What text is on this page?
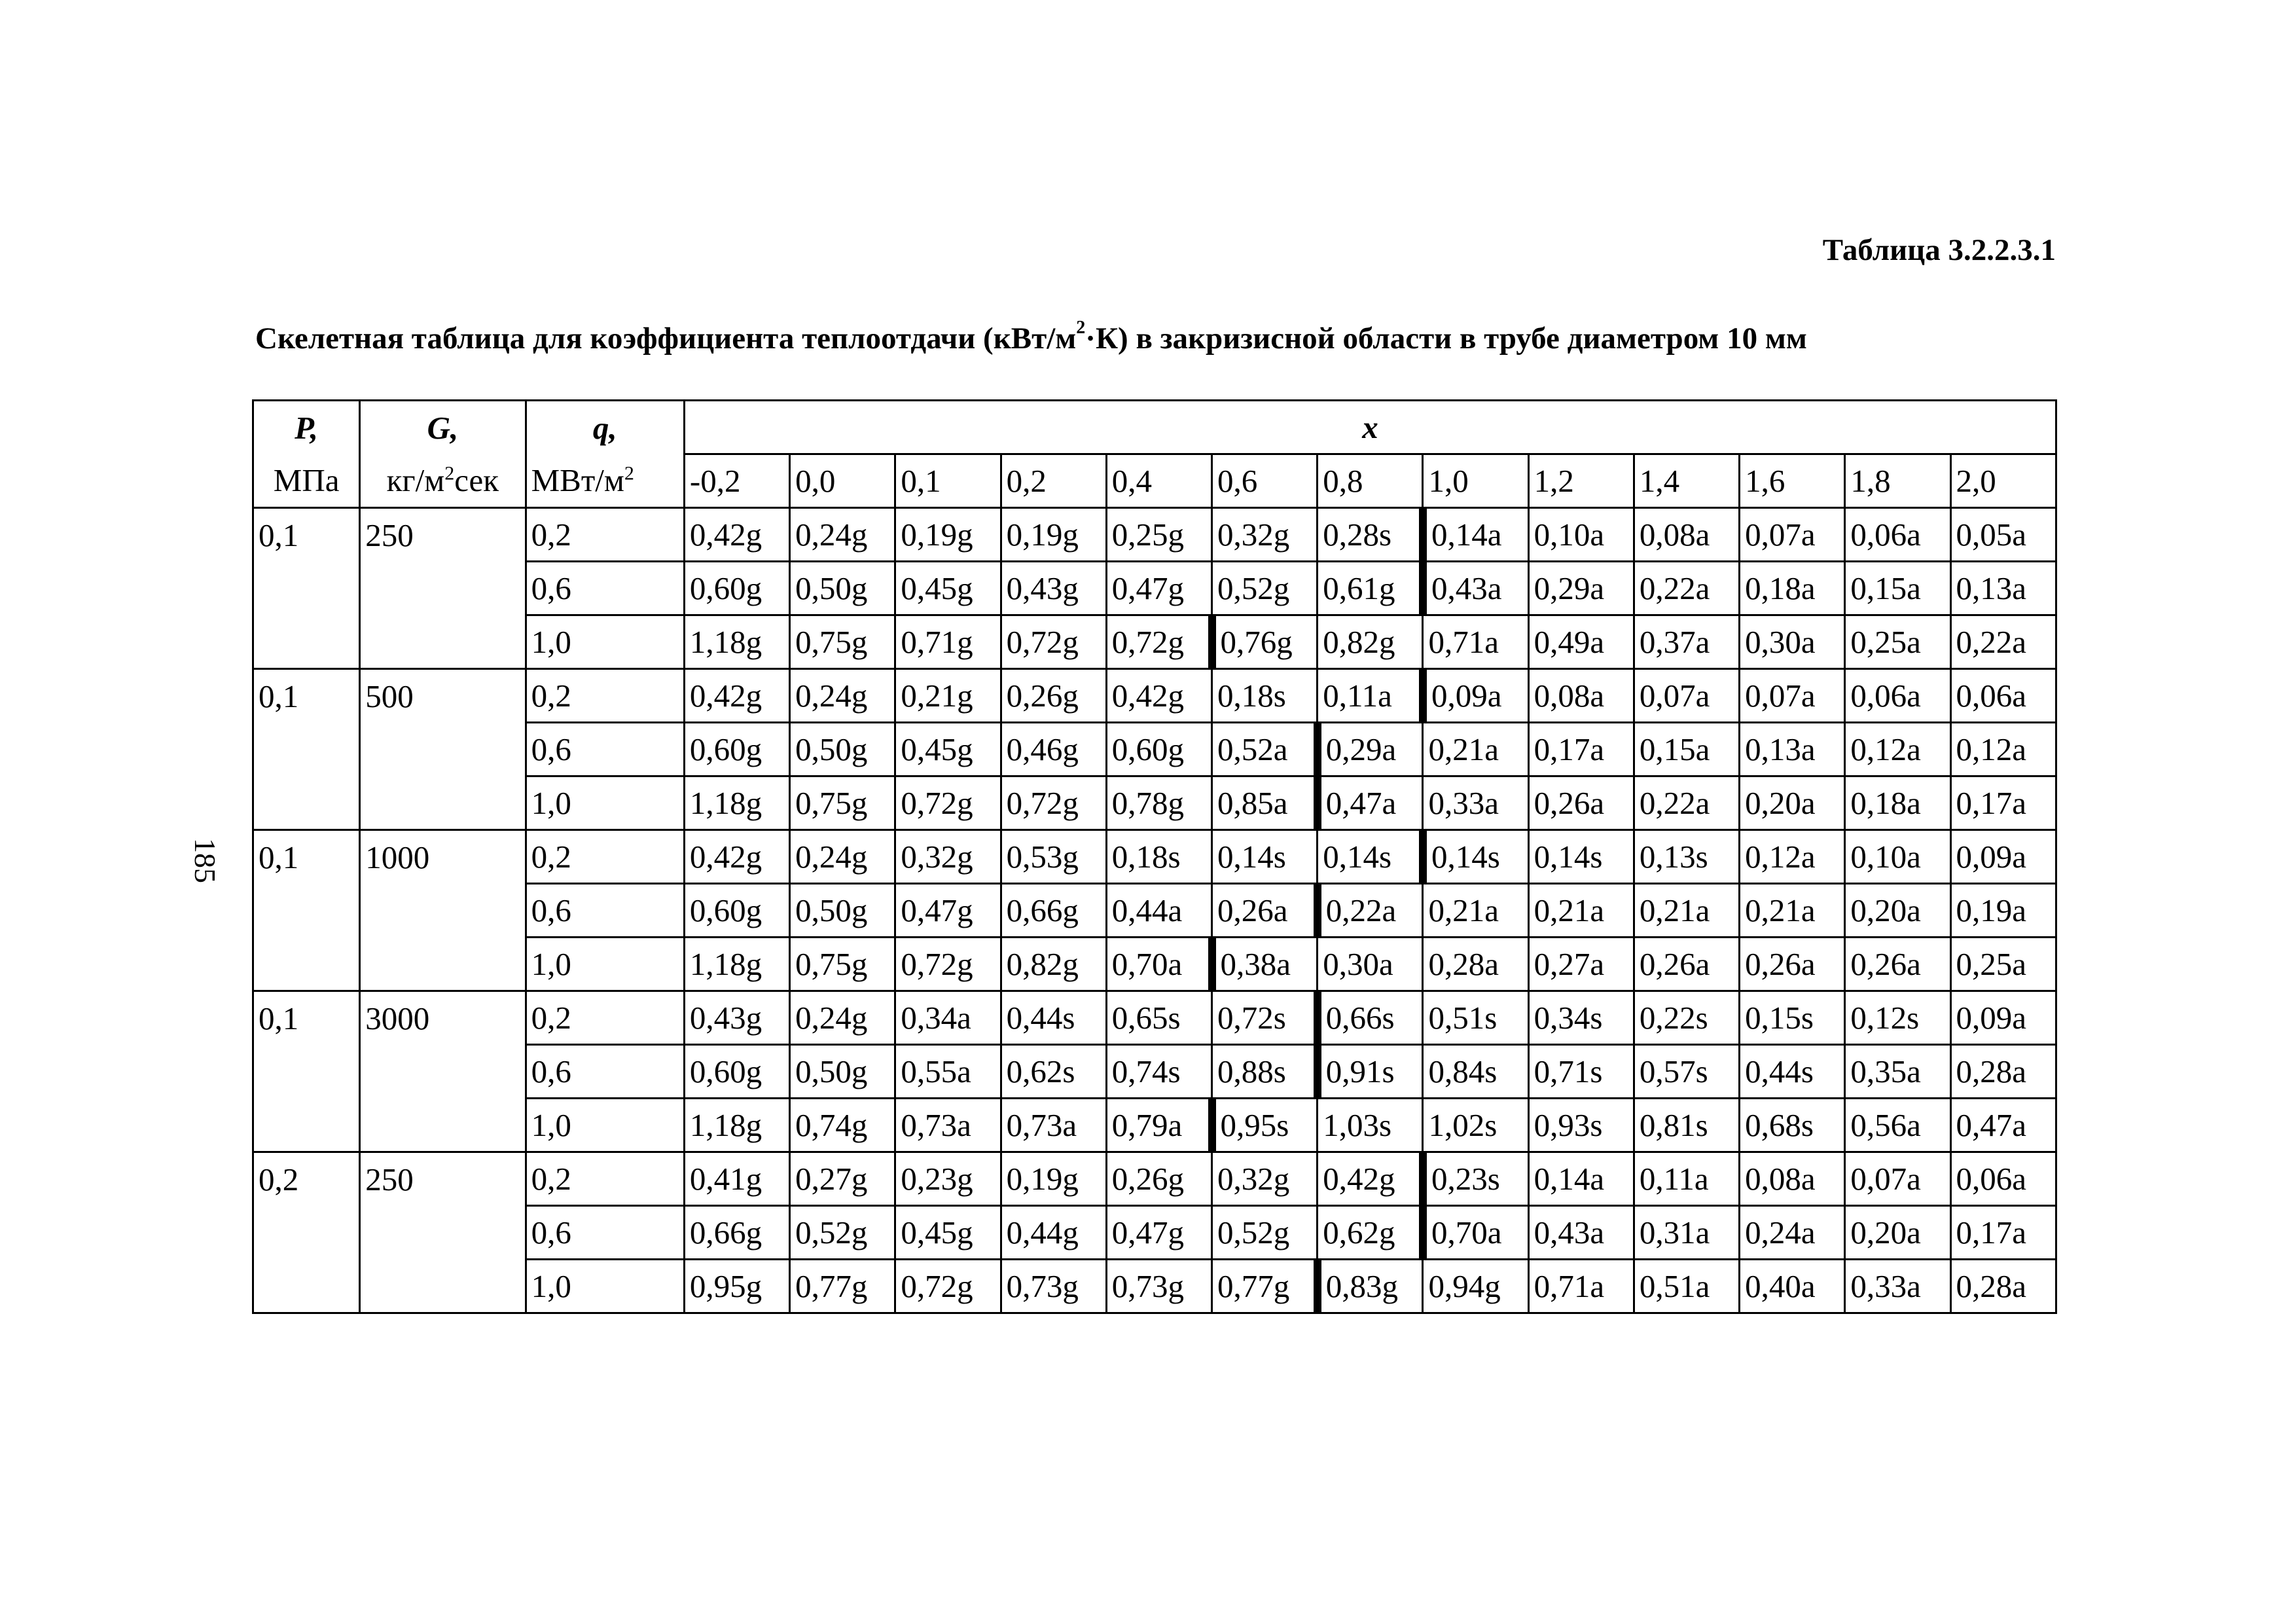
Таблица 3.2.2.3.1
Скелетная таблица для коэффициента теплоотдачи $(кВт/м^2\cdot К)$ в закризисной области в трубе диаметром 10 мм
185
P,	G,	q,	x												
МПа	$кг/м^2сек$	МВт/$м^2$	-0,2	0,0	0,1	0,2	0,4	0,6	0,8	1,0	1,2	1,4	1,6	1,8	2,0
0,1	250	0,2	0,42g	0,24g	0,19g	0,19g	0,25g	0,32g	0,28s	0,14a	0,10a	0,08a	0,07a	0,06a	0,05a
		0,6	0,60g	0,50g	0,45g	0,43g	0,47g	0,52g	0,61g	0,43a	0,29a	0,22a	0,18a	0,15a	0,13a
		1,0	1,18g	0,75g	0,71g	0,72g	0,72g	0,76g	0,82g	0,71a	0,49a	0,37a	0,30a	0,25a	0,22a
0,1	500	0,2	0,42g	0,24g	0,21g	0,26g	0,42g	0,18s	0,11a	0,09a	0,08a	0,07a	0,07a	0,06a	0,06a
		0,6	0,60g	0,50g	0,45g	0,46g	0,60g	0,52a	0,29a	0,21a	0,17a	0,15a	0,13a	0,12a	0,12a
		1,0	1,18g	0,75g	0,72g	0,72g	0,78g	0,85a	0,47a	0,33a	0,26a	0,22a	0,20a	0,18a	0,17a
0,1	1000	0,2	0,42g	0,24g	0,32g	0,53g	0,18s	0,14s	0,14s	0,14s	0,14s	0,13s	0,12a	0,10a	0,09a
		0,6	0,60g	0,50g	0,47g	0,66g	0,44a	0,26a	0,22a	0,21a	0,21a	0,21a	0,21a	0,20a	0,19a
		1,0	1,18g	0,75g	0,72g	0,82g	0,70a	0,38a	0,30a	0,28a	0,27a	0,26a	0,26a	0,26a	0,25a
0,1	3000	0,2	0,43g	0,24g	0,34a	0,44s	0,65s	0,72s	0,66s	0,51s	0,34s	0,22s	0,15s	0,12s	0,09a
		0,6	0,60g	0,50g	0,55a	0,62s	0,74s	0,88s	0,91s	0,84s	0,71s	0,57s	0,44s	0,35a	0,28a
		1,0	1,18g	0,74g	0,73a	0,73a	0,79a	0,95s	1,03s	1,02s	0,93s	0,81s	0,68s	0,56a	0,47a
0,2	250	0,2	0,41g	0,27g	0,23g	0,19g	0,26g	0,32g	0,42g	0,23s	0,14a	0,11a	0,08a	0,07a	0,06a
		0,6	0,66g	0,52g	0,45g	0,44g	0,47g	0,52g	0,62g	0,70a	0,43a	0,31a	0,24a	0,20a	0,17a
		1,0	0,95g	0,77g	0,72g	0,73g	0,73g	0,77g	0,83g	0,94g	0,71a	0,51a	0,40a	0,33a	0,28a
